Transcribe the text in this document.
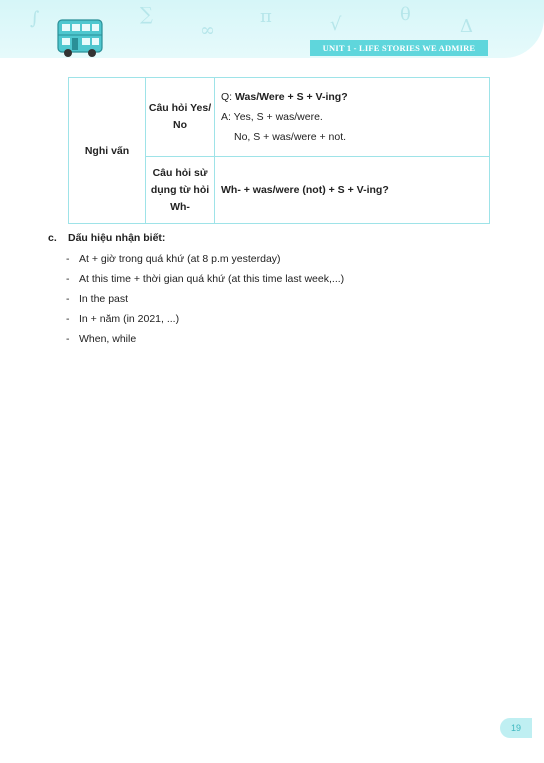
∫	∑
∞
π	√	θ
Δ
UNIT 1 - LIFE STORIES WE ADMIRE
Nghi vấn	Câu hỏi Yes/ No	Q: Was/Were + S + V-ing?
A: Yes, S + was/were.
No, S + was/were + not.

	Câu hỏi sử dụng từ hỏi Wh-	Wh- + was/were (not) + S + V-ing?
c. Dấu hiệu nhận biết:
- At + giờ trong quá khứ (at 8 p.m yesterday)
- At this time + thời gian quá khứ (at this time last week,...)
- In the past
- In + năm (in 2021, ...)
- When, while
19
